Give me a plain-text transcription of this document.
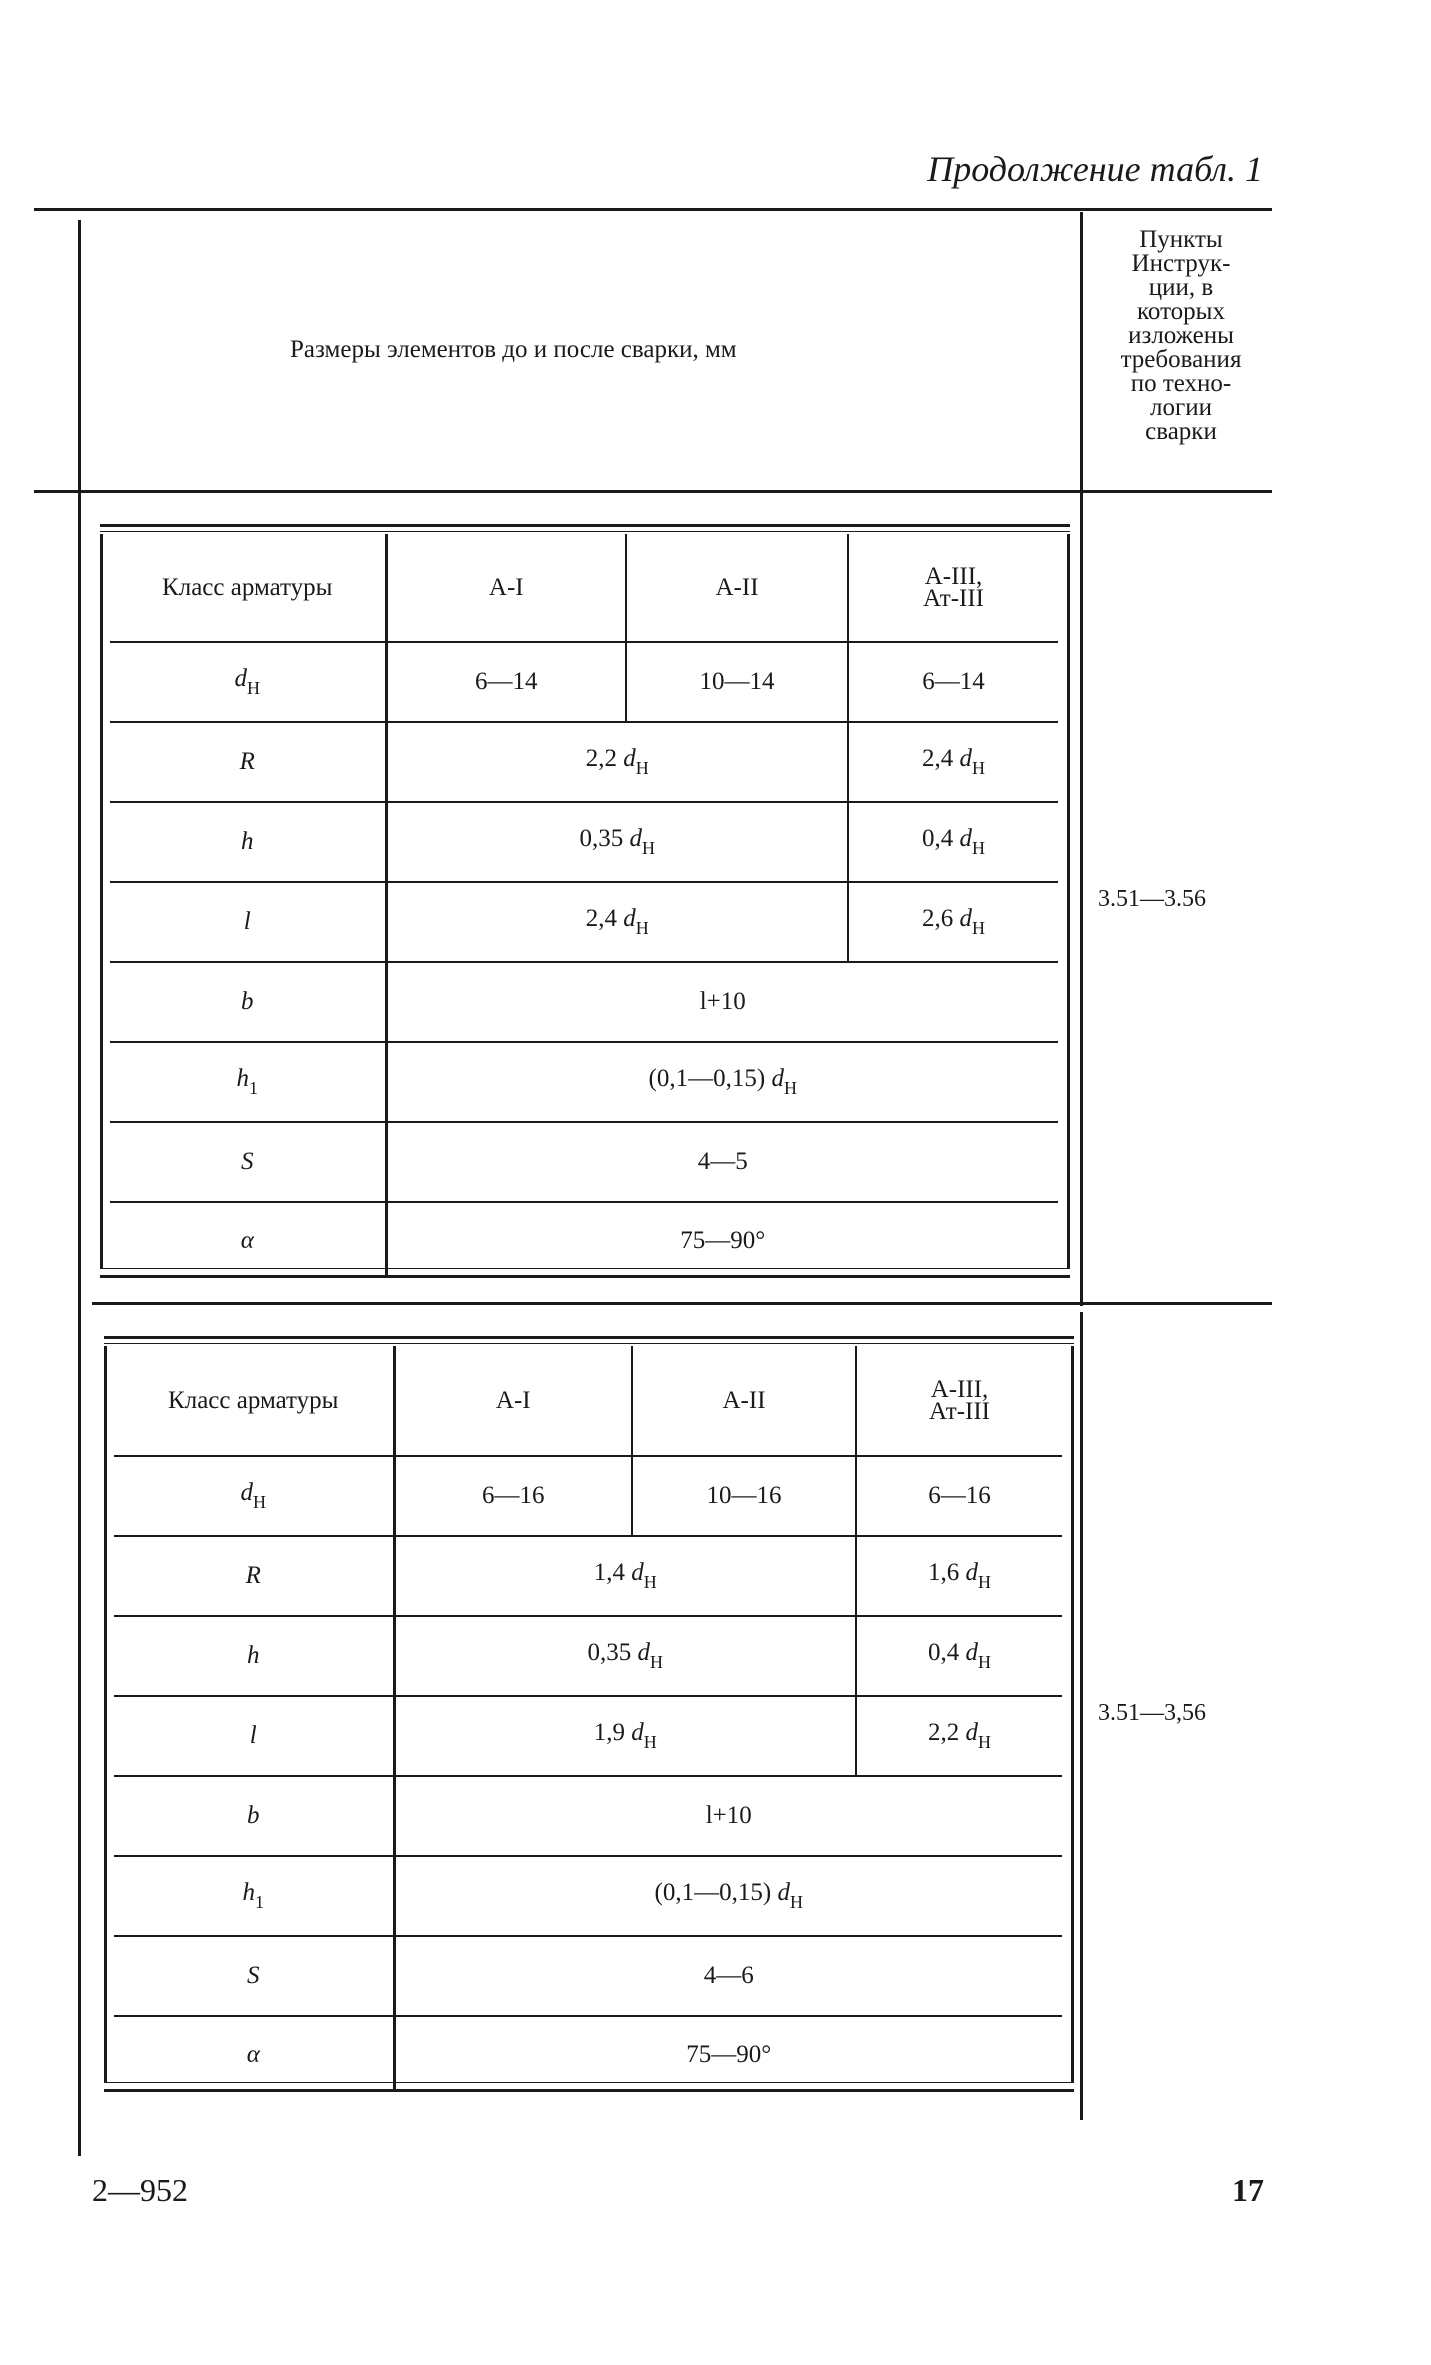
Продолжение табл. 1
Размеры элементов до и после сварки, мм
Пункты
Инструк-
ции, в
которых
изложены
требования
по техно-
логии
сварки
3.51—3.56
Класс арматуры	А-I	А-II	А-III,
Ат-III

$d_Н$	6—14	10—14	6—14
R	2,2 $d_Н$		2,4 $d_Н$
h	0,35 $d_Н$		0,4 $d_Н$
l	2,4 $d_Н$		2,6 $d_Н$
b	l+10		
$h_1$	(0,1—0,15) $d_Н$
S	4—5		
α	75—90°		
3.51—3,56
Класс арматуры	А-I	А-II	А-III,
Ат-III

$d_Н$	6—16	10—16	6—16
R	1,4 $d_Н$		1,6 $d_Н$
h	0,35 $d_Н$		0,4 $d_Н$
l	1,9 $d_Н$		2,2 $d_Н$
b	l+10		
$h_1$	(0,1—0,15) $d_Н$
S	4—6		
α	75—90°		
2—952	17
